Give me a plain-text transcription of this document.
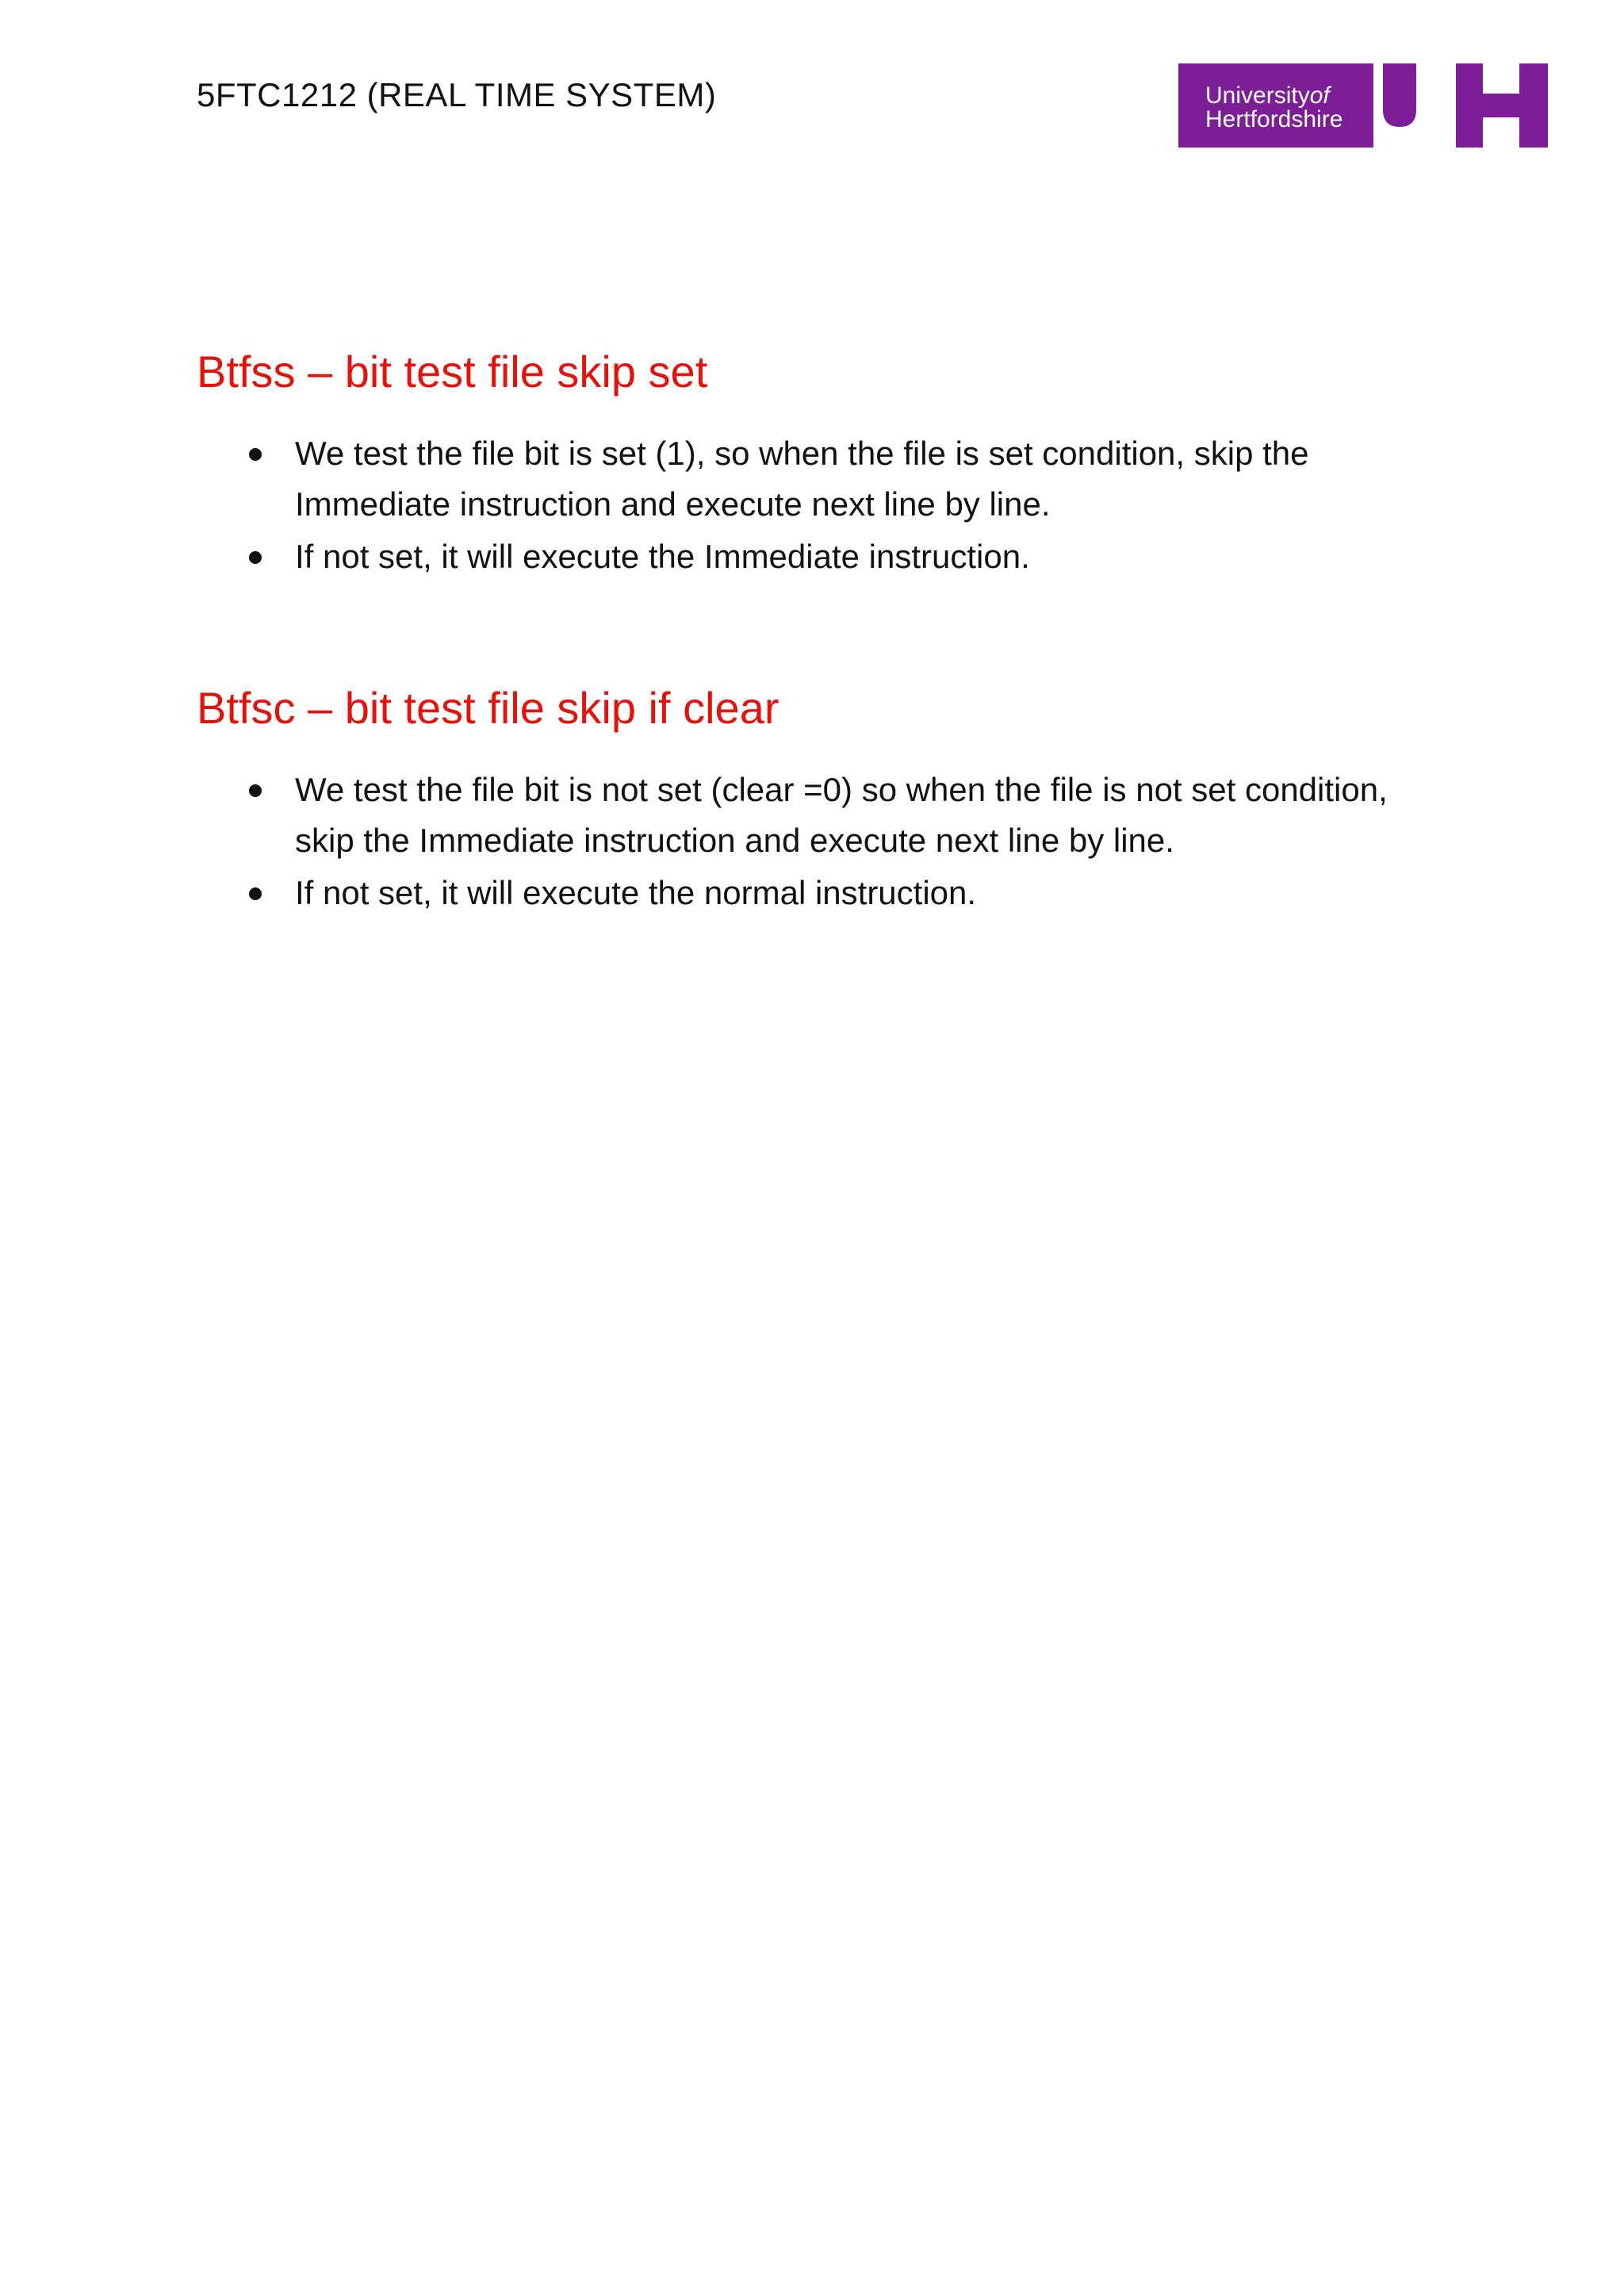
5FTC1212 (REAL TIME SYSTEM)	Universityof
Hertfordshire
Btfss – bit test file skip set
We test the file bit is set (1), so when the file is set condition, skip the Immediate instruction and execute next line by line.
If not set, it will execute the Immediate instruction.
Btfsc – bit test file skip if clear
We test the file bit is not set (clear =0) so when the file is not set condition, skip the Immediate instruction and execute next line by line.
If not set, it will execute the normal instruction.
